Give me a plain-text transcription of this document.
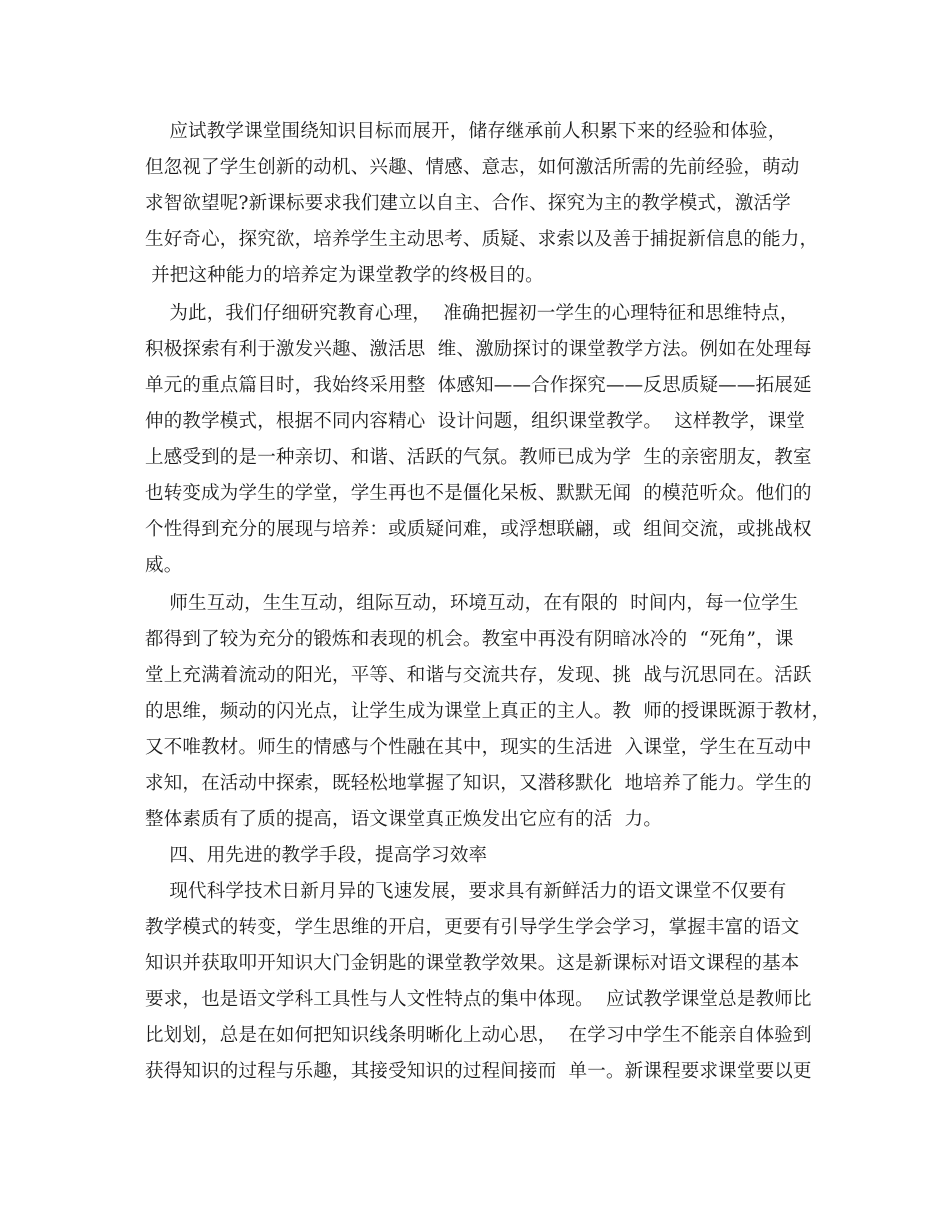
应试教学课堂围绕知识目标而展开，储存继承前人积累下来的经验和体验，
但忽视了学生创新的动机、兴趣、情感、意志，如何激活所需的先前经验，萌动
求智欲望呢?新课标要求我们建立以自主、合作、探究为主的教学模式，激活学
生好奇心，探究欲，培养学生主动思考、质疑、求索以及善于捕捉新信息的能力，
并把这种能力的培养定为课堂教学的终极目的。
为此，我们仔细研究教育心理，  准确把握初一学生的心理特征和思维特点，
积极探索有利于激发兴趣、激活思  维、激励探讨的课堂教学方法。例如在处理每
单元的重点篇目时，我始终采用整  体感知——合作探究——反思质疑——拓展延
伸的教学模式，根据不同内容精心  设计问题，组织课堂教学。  这样教学，课堂
上感受到的是一种亲切、和谐、活跃的气氛。教师已成为学  生的亲密朋友，教室
也转变成为学生的学堂，学生再也不是僵化呆板、默默无闻  的模范听众。他们的
个性得到充分的展现与培养：或质疑问难，或浮想联翩，或  组间交流，或挑战权
威。
师生互动，生生互动，组际互动，环境互动，在有限的  时间内，每一位学生
都得到了较为充分的锻炼和表现的机会。教室中再没有阴暗冰冷的  “死角”，课
堂上充满着流动的阳光，平等、和谐与交流共存，发现、挑  战与沉思同在。活跃
的思维，频动的闪光点，让学生成为课堂上真正的主人。教  师的授课既源于教材，
又不唯教材。师生的情感与个性融在其中，现实的生活进  入课堂，学生在互动中
求知，在活动中探索，既轻松地掌握了知识，又潜移默化  地培养了能力。学生的
整体素质有了质的提高，语文课堂真正焕发出它应有的活  力。
四、用先进的教学手段，提高学习效率
现代科学技术日新月异的飞速发展，要求具有新鲜活力的语文课堂不仅要有
教学模式的转变，学生思维的开启，更要有引导学生学会学习，掌握丰富的语文
知识并获取叩开知识大门金钥匙的课堂教学效果。这是新课标对语文课程的基本
要求，也是语文学科工具性与人文性特点的集中体现。  应试教学课堂总是教师比
比划划，总是在如何把知识线条明晰化上动心思，  在学习中学生不能亲自体验到
获得知识的过程与乐趣，其接受知识的过程间接而  单一。新课程要求课堂要以更
